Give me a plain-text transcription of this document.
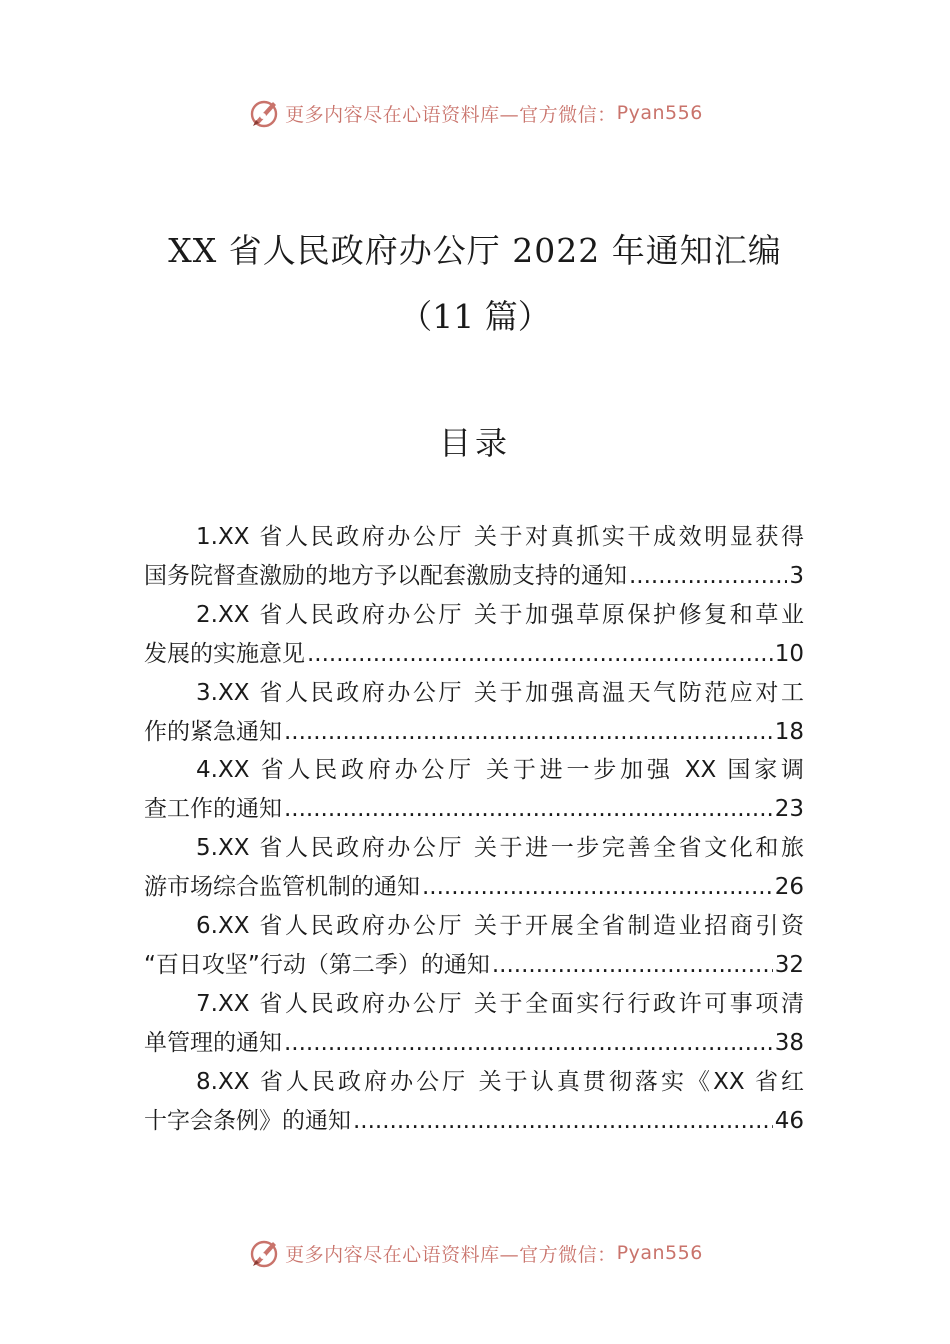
更多内容尽在心语资料库—官方微信： Pyan556
XX 省人民政府办公厅 2022 年通知汇编
（11 篇）
目录
1.XX 省人民政府办公厅 关于对真抓实干成效明显获得
国务院督查激励的地方予以配套激励支持的通知 .....	3
2.XX 省人民政府办公厅 关于加强草原保护修复和草业
发展的实施意见 .....	10
3.XX 省人民政府办公厅 关于加强高温天气防范应对工
作的紧急通知 .....	18
4.XX 省人民政府办公厅 关于进一步加强 XX 国家调
查工作的通知 .....	23
5.XX 省人民政府办公厅 关于进一步完善全省文化和旅
游市场综合监管机制的通知 .....	26
6.XX 省人民政府办公厅 关于开展全省制造业招商引资
“百日攻坚”行动（第二季）的通知 .....	32
7.XX 省人民政府办公厅 关于全面实行行政许可事项清
单管理的通知 .....	38
8.XX 省人民政府办公厅 关于认真贯彻落实《XX 省红
十字会条例》的通知 .....	46
更多内容尽在心语资料库—官方微信： Pyan556
